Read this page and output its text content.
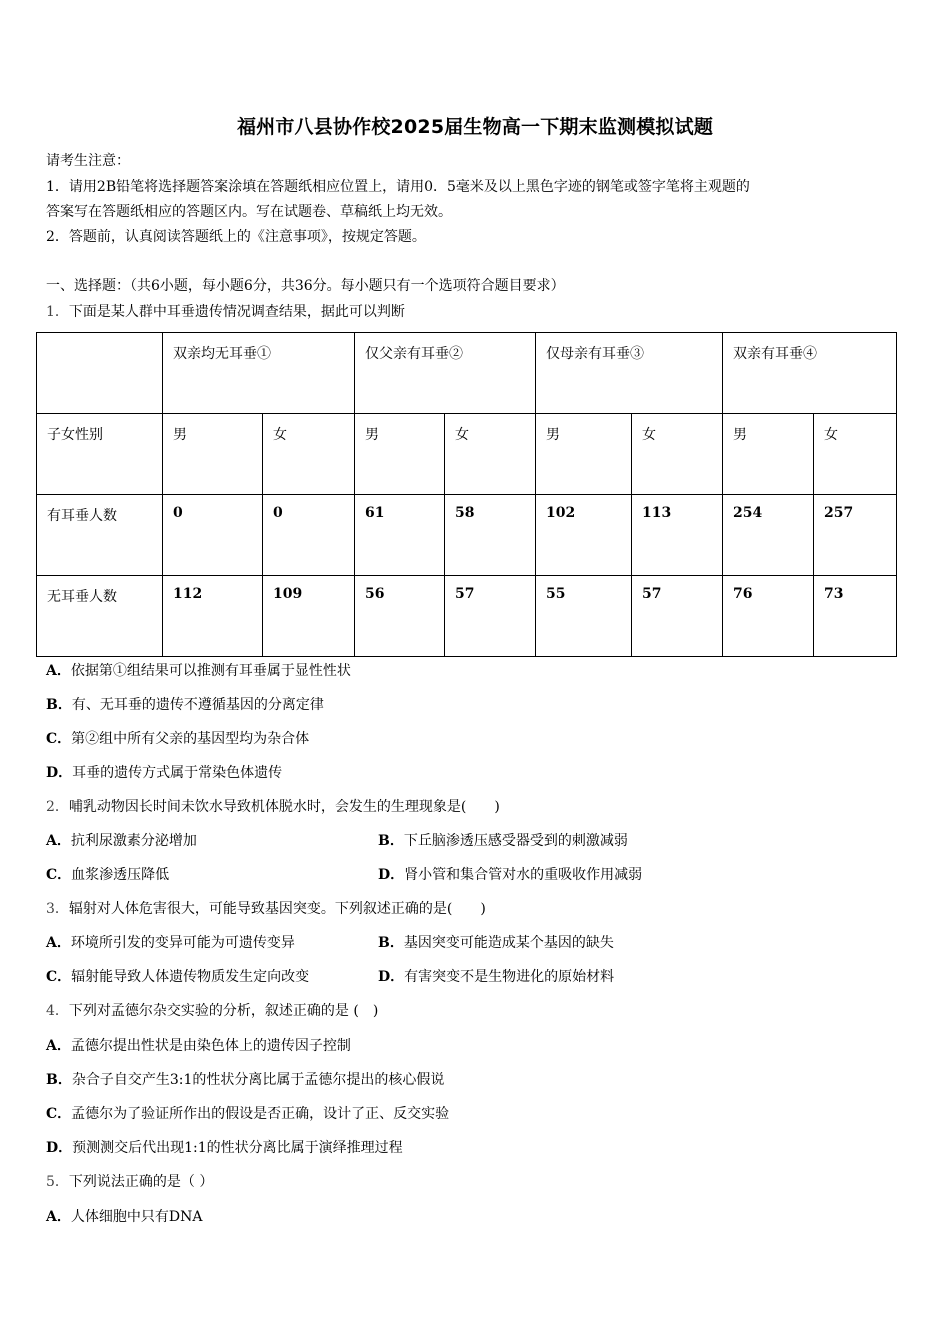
福州市八县协作校2025届生物高一下期末监测模拟试题
请考生注意：
1．请用2B铅笔将选择题答案涂填在答题纸相应位置上，请用0．5毫米及以上黑色字迹的钢笔或签字笔将主观题的
答案写在答题纸相应的答题区内。写在试题卷、草稿纸上均无效。
2．答题前，认真阅读答题纸上的《注意事项》，按规定答题。
一、选择题：（共6小题，每小题6分，共36分。每小题只有一个选项符合题目要求）
1．下面是某人群中耳垂遗传情况调查结果，据此可以判断
	双亲均无耳垂①		仅父亲有耳垂②		仅母亲有耳垂③		双亲有耳垂④	
子女性别	男	女	男	女	男	女	男	女
有耳垂人数	0	0	61	58	102	113	254	257
无耳垂人数	112	109	56	57	55	57	76	73
A．依据第①组结果可以推测有耳垂属于显性性状
B．有、无耳垂的遗传不遵循基因的分离定律
C．第②组中所有父亲的基因型均为杂合体
D．耳垂的遗传方式属于常染色体遗传
2．哺乳动物因长时间未饮水导致机体脱水时，会发生的生理现象是(　　)
A．抗利尿激素分泌增加	B．下丘脑渗透压感受器受到的刺激减弱
C．血浆渗透压降低	D．肾小管和集合管对水的重吸收作用减弱
3．辐射对人体危害很大，可能导致基因突变。下列叙述正确的是(　　)
A．环境所引发的变异可能为可遗传变异	B．基因突变可能造成某个基因的缺失
C．辐射能导致人体遗传物质发生定向改变	D．有害突变不是生物进化的原始材料
4．下列对孟德尔杂交实验的分析，叙述正确的是 (　)
A．孟德尔提出性状是由染色体上的遗传因子控制
B．杂合子自交产生3:1的性状分离比属于孟德尔提出的核心假说
C．孟德尔为了验证所作出的假设是否正确，设计了正、反交实验
D．预测测交后代出现1:1的性状分离比属于演绎推理过程
5．下列说法正确的是（ ）
A．人体细胞中只有DNA
